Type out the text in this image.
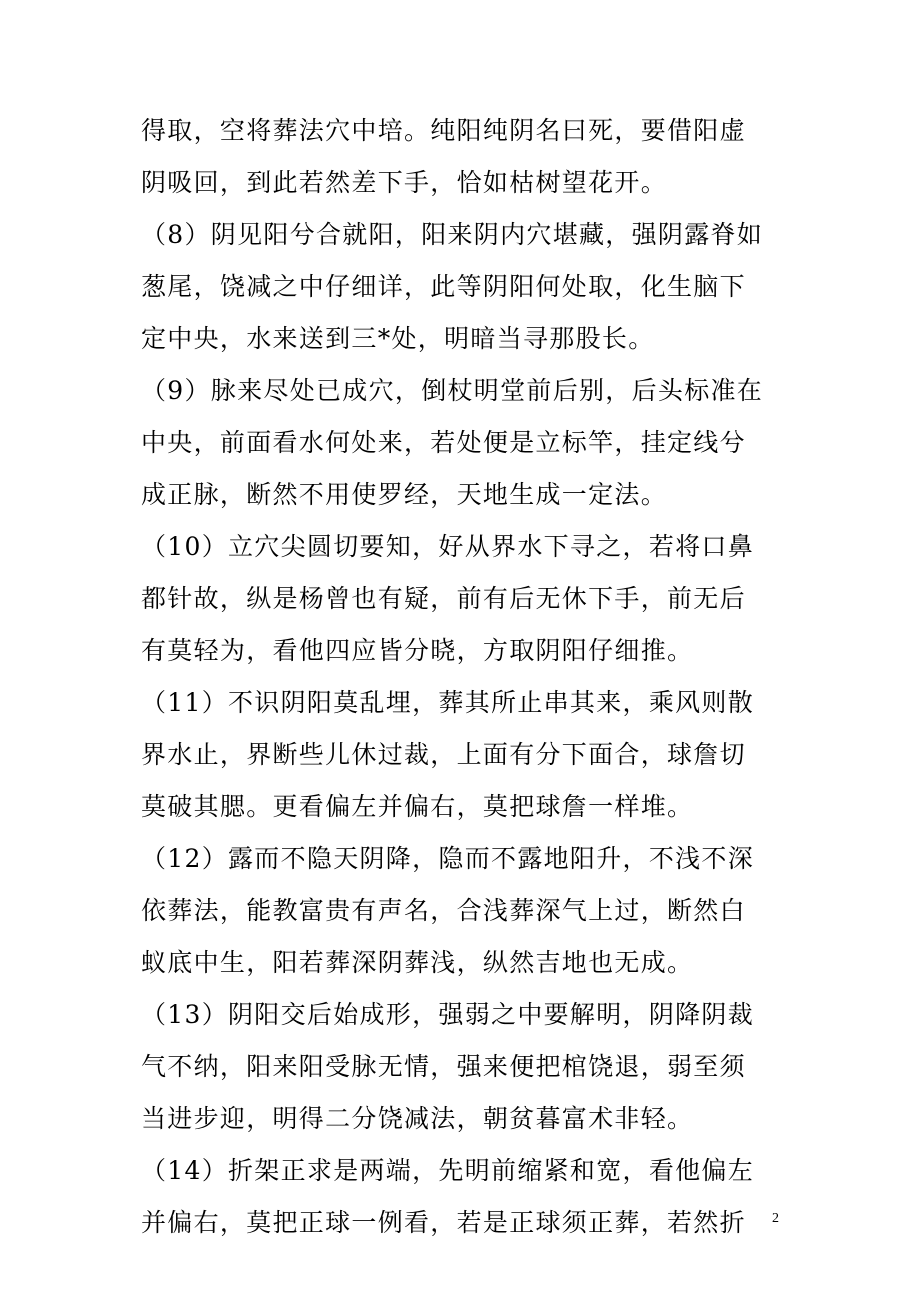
得取，空将葬法穴中培。纯阳纯阴名曰死，要借阳虚
阴吸回，到此若然差下手，恰如枯树望花开。
（8）阴见阳兮合就阳，阳来阴内穴堪藏，强阴露脊如
葱尾，饶减之中仔细详，此等阴阳何处取，化生脑下
定中央，水来送到三*处，明暗当寻那股长。
（9）脉来尽处已成穴，倒杖明堂前后别，后头标准在
中央，前面看水何处来，若处便是立标竿，挂定线兮
成正脉，断然不用使罗经，天地生成一定法。
（10）立穴尖圆切要知，好从界水下寻之，若将口鼻
都针故，纵是杨曾也有疑，前有后无休下手，前无后
有莫轻为，看他四应皆分晓，方取阴阳仔细推。
（11）不识阴阳莫乱埋，葬其所止串其来，乘风则散
界水止，界断些儿休过裁，上面有分下面合，球詹切
莫破其腮。更看偏左并偏右，莫把球詹一样堆。
（12）露而不隐天阴降，隐而不露地阳升，不浅不深
依葬法，能教富贵有声名，合浅葬深气上过，断然白
蚁底中生，阳若葬深阴葬浅，纵然吉地也无成。
（13）阴阳交后始成形，强弱之中要解明，阴降阴裁
气不纳，阳来阳受脉无情，强来便把棺饶退，弱至须
当进步迎，明得二分饶减法，朝贫暮富术非轻。
（14）折架正求是两端，先明前缩紧和宽，看他偏左
并偏右，莫把正球一例看，若是正球须正葬，若然折	2
